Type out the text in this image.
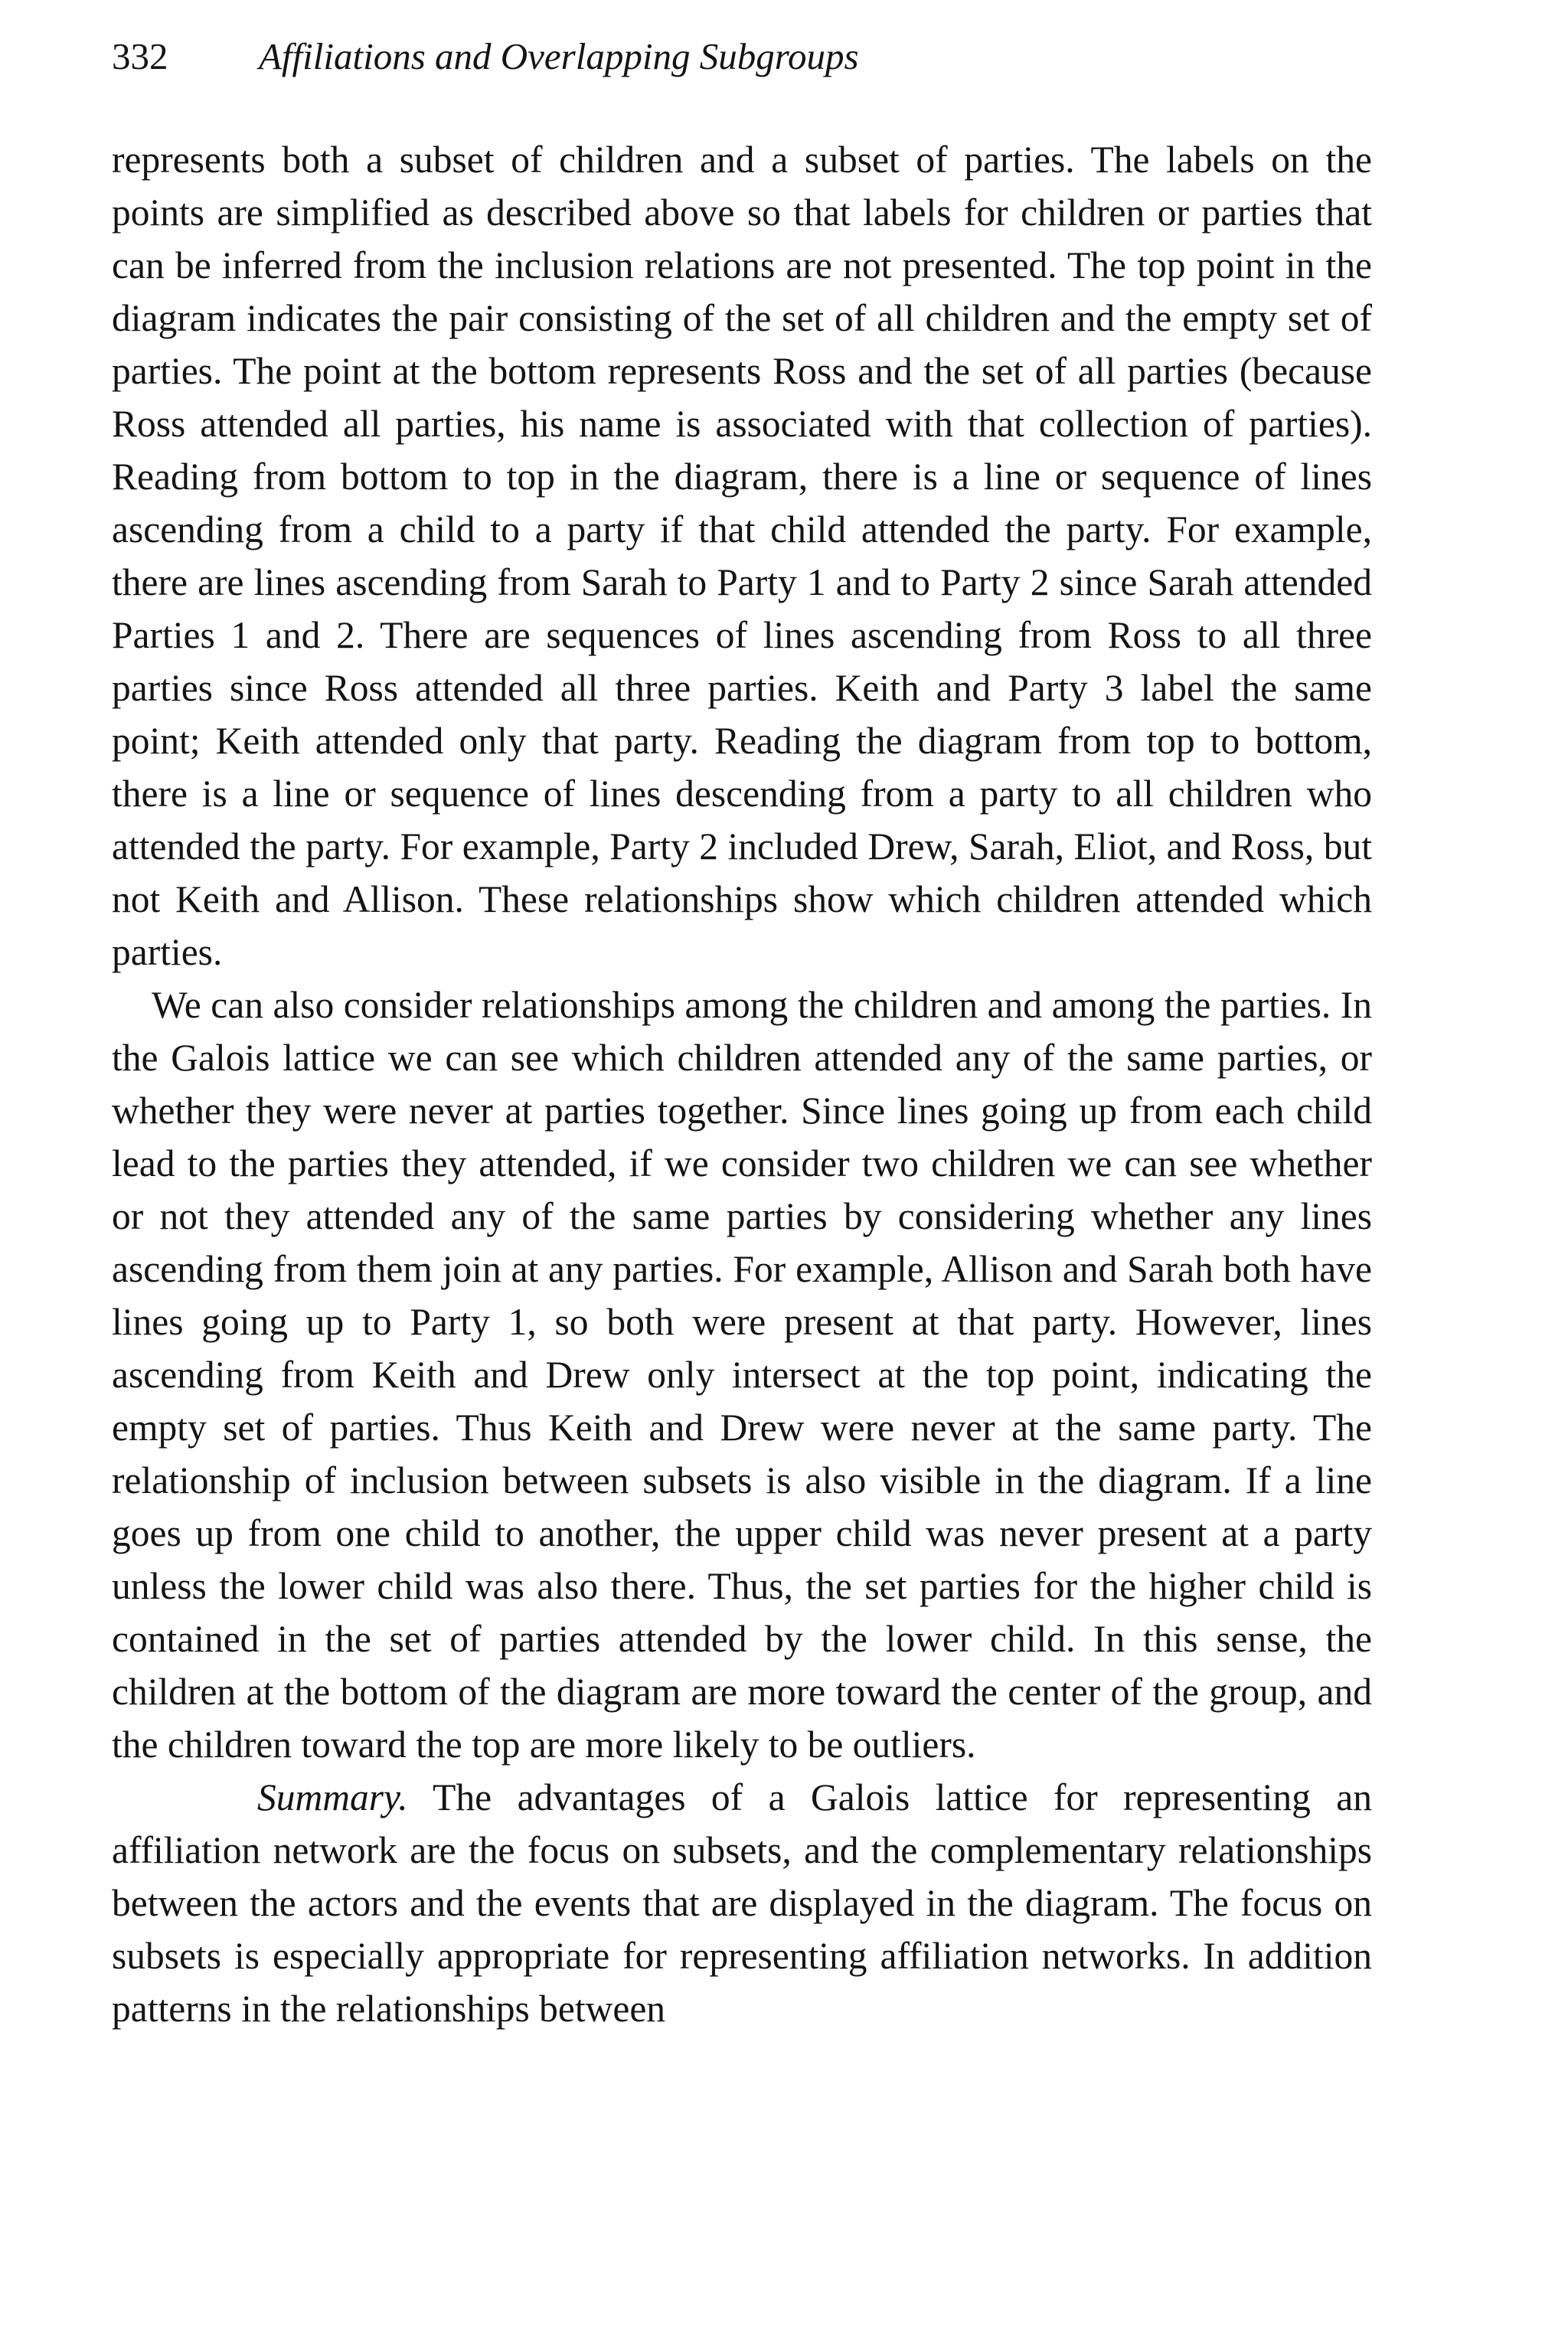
332 Affiliations and Overlapping Subgroups

represents both a subset of children and a subset of parties. The labels on the points are simplified as described above so that labels for children or parties that can be inferred from the inclusion relations are not presented. The top point in the diagram indicates the pair consisting of the set of all children and the empty set of parties. The point at the bottom represents Ross and the set of all parties (because Ross attended all parties, his name is associated with that collection of parties). Reading from bottom to top in the diagram, there is a line or sequence of lines ascending from a child to a party if that child attended the party. For example, there are lines ascending from Sarah to Party 1 and to Party 2 since Sarah attended Parties 1 and 2. There are sequences of lines ascending from Ross to all three parties since Ross attended all three parties. Keith and Party 3 label the same point; Keith attended only that party. Reading the diagram from top to bottom, there is a line or sequence of lines descending from a party to all children who attended the party. For example, Party 2 included Drew, Sarah, Eliot, and Ross, but not Keith and Allison. These relationships show which children attended which parties.

We can also consider relationships among the children and among the parties. In the Galois lattice we can see which children attended any of the same parties, or whether they were never at parties together. Since lines going up from each child lead to the parties they attended, if we consider two children we can see whether or not they attended any of the same parties by considering whether any lines ascending from them join at any parties. For example, Allison and Sarah both have lines going up to Party 1, so both were present at that party. However, lines ascending from Keith and Drew only intersect at the top point, indicating the empty set of parties. Thus Keith and Drew were never at the same party. The relationship of inclusion between subsets is also visible in the diagram. If a line goes up from one child to another, the upper child was never present at a party unless the lower child was also there. Thus, the set parties for the higher child is contained in the set of parties attended by the lower child. In this sense, the children at the bottom of the diagram are more toward the center of the group, and the children toward the top are more likely to be outliers.

Summary. The advantages of a Galois lattice for representing an affiliation network are the focus on subsets, and the complementary relationships between the actors and the events that are displayed in the diagram. The focus on subsets is especially appropriate for representing affiliation networks. In addition patterns in the relationships between
